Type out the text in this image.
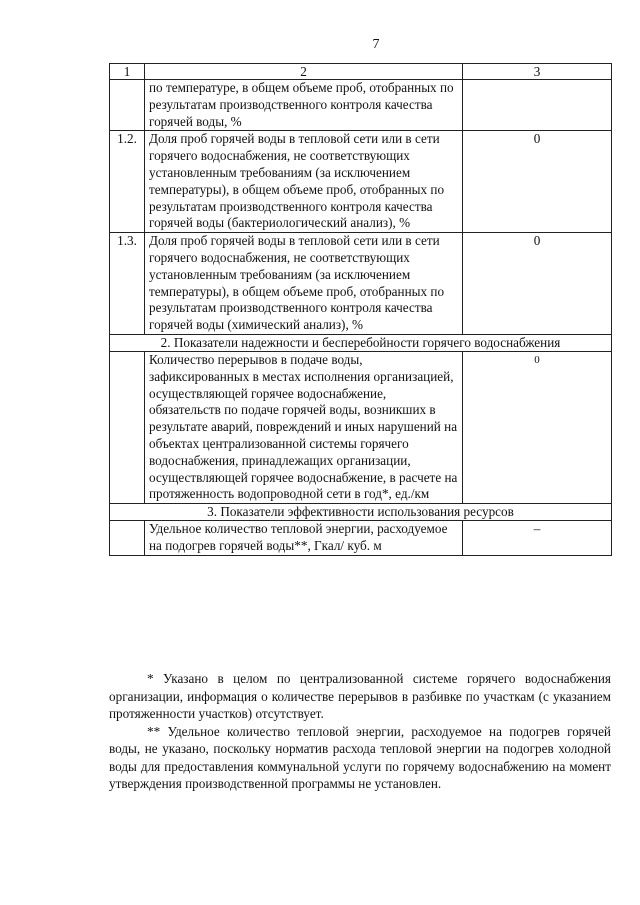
7
1	2	3
	по температуре, в общем объеме проб, отобранных по результатам производственного контроля качества горячей воды, %	
1.2.	Доля проб горячей воды в тепловой сети или в сети горячего водоснабжения, не соответствующих установленным требованиям (за исключением температуры), в общем объеме проб, отобранных по результатам производственного контроля качества горячей воды (бактериологический анализ), %	0
1.3.	Доля проб горячей воды в тепловой сети или в сети горячего водоснабжения, не соответствующих установленным требованиям (за исключением температуры), в общем объеме проб, отобранных по результатам производственного контроля качества горячей воды (химический анализ), %	0
2. Показатели надежности и бесперебойности горячего водоснабжения		
	Количество перерывов в подаче воды, зафиксированных в местах исполнения организацией, осуществляющей горячее водоснабжение, обязательств по подаче горячей воды, возникших в результате аварий, повреждений и иных нарушений на объектах централизованной системы горячего водоснабжения, принадлежащих организации, осуществляющей горячее водоснабжение, в расчете на протяженность водопроводной сети в год*, ед./км	0
3. Показатели эффективности использования ресурсов		
	Удельное количество тепловой энергии, расходуемое на подогрев горячей воды**, Гкал/ куб. м	–

* Указано в целом по централизованной системе горячего водоснабжения организации, информация о количестве перерывов в разбивке по участкам (с указанием протяженности участков) отсутствует.

** Удельное количество тепловой энергии, расходуемое на подогрев горячей воды, не указано, поскольку норматив расхода тепловой энергии на подогрев холодной воды для предоставления коммунальной услуги по горячему водоснабжению на момент утверждения производственной программы не установлен.
